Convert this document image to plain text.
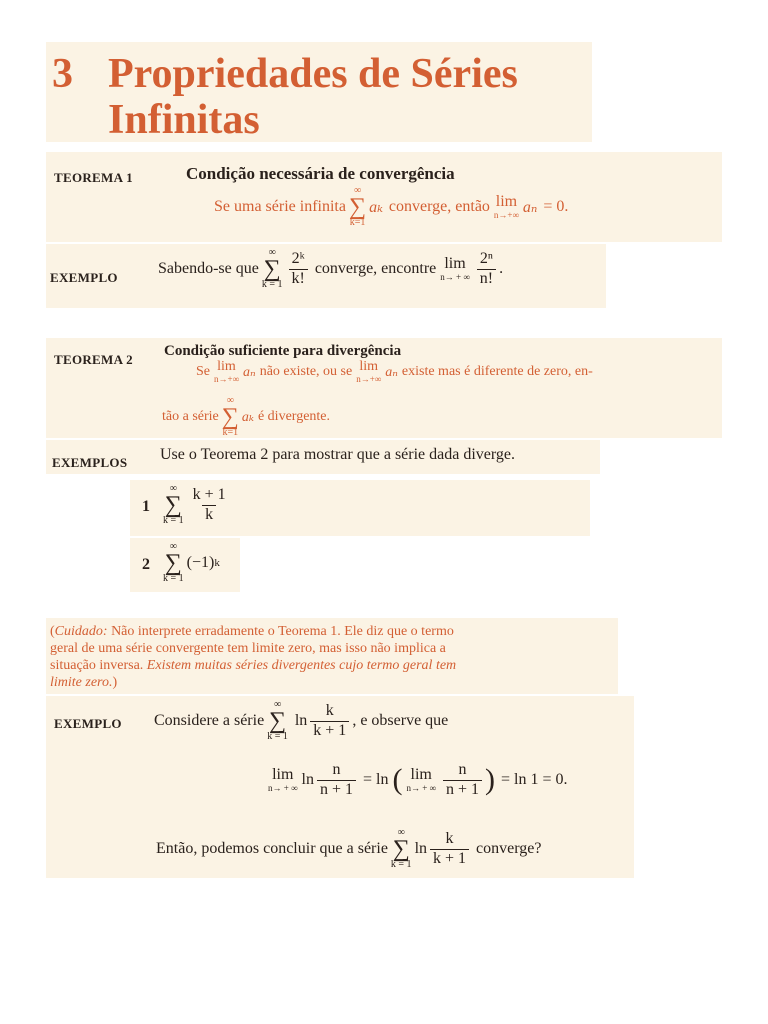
3 Propriedades de Séries
Infinitas
TEOREMA 1	Condição necessária de convergência
Se uma série infinita
∞
∑
k=1
aₖ converge, então lim
n→+∞ aₙ = 0.
EXEMPLO
Sabendo-se que
∞
∑
$k = 1 \frac{\text{2ᵏ}}{k!}$ converge, encontre lim
n→ + ∞ $\frac{\text{2ⁿ}}{n!}$ .
TEOREMA 2
Condição suficiente para divergência
Se lim
n→+∞ aₙ não existe, ou se lim
n→+∞ aₙ existe mas é diferente de zero, en-
tão a série
∞
∑
k=1
aₖ é divergente.
EXEMPLOS Use o Teorema 2 para mostrar que a série dada diverge.
1
∞
∑
$k = 1 \frac{k + 1}{k}$
2
∞
∑
k = 1
(−1) k
(Cuidado: Não interprete erradamente o Teorema 1. Ele diz que o termo
geral de uma série convergente tem limite zero, mas isso não implica a
situação inversa. Existem muitas séries divergentes cujo termo geral tem
limite zero.)
EXEMPLO Considere a série
∞
∑
k = 1
$\ln \frac{k}{k + 1}$ , e observe que
lim
n→ + ∞ $\ln \frac{n}{n + 1} = \ln$ ( lim
n→ + ∞ $\frac{n}{n + 1}$ ) = ln 1 = 0.
Então, podemos concluir que a série
∞
∑
k = 1
$\ln \frac{k}{k + 1}$ converge?
